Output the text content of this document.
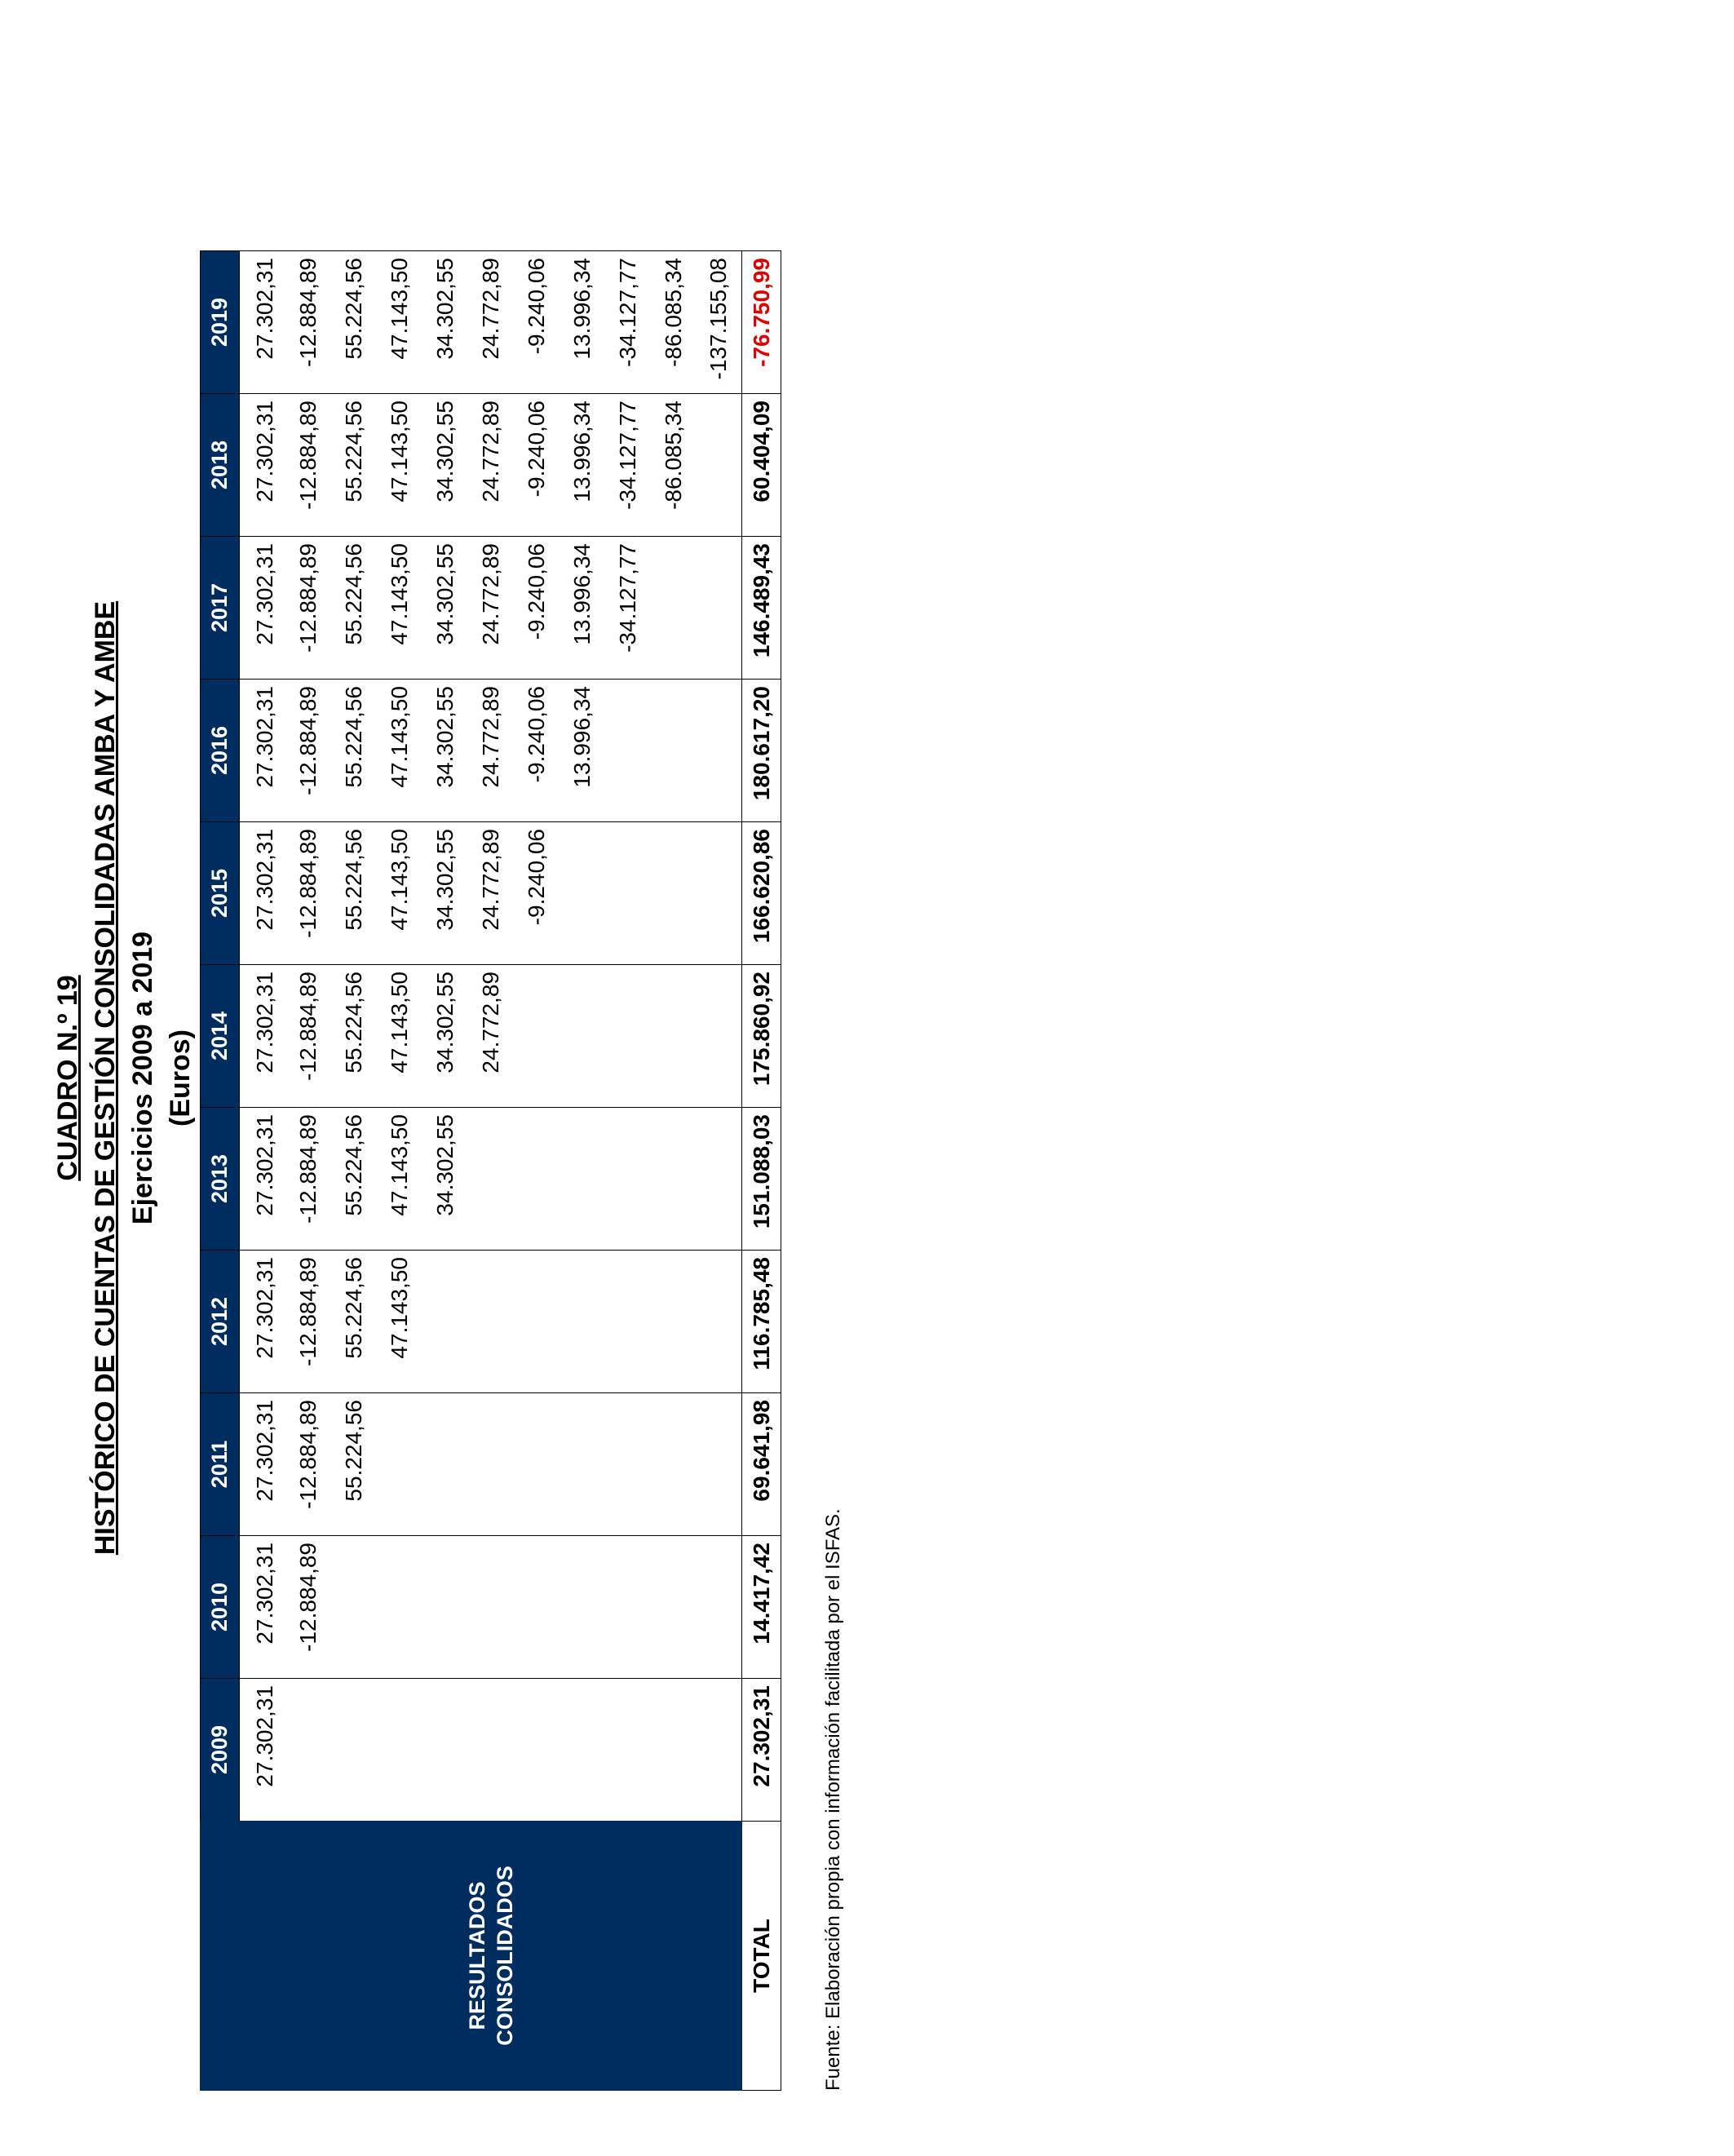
CUADRO N.º 19 HISTÓRICO DE CUENTAS DE GESTIÓN CONSOLIDADAS AMBA Y AMBE Ejercicios 2009 a 2019 (Euros)
	2009	2010	2011	2012	2013	2014	2015	2016	2017	2018	2019
RESULTADOS CONSOLIDADOS	27.302,31	27.302,31	27.302,31	27.302,31	27.302,31	27.302,31	27.302,31	27.302,31	27.302,31	27.302,31	27.302,31
		-12.884,89	-12.884,89	-12.884,89	-12.884,89	-12.884,89	-12.884,89	-12.884,89	-12.884,89	-12.884,89	-12.884,89
			55.224,56	55.224,56	55.224,56	55.224,56	55.224,56	55.224,56	55.224,56	55.224,56	55.224,56
				47.143,50	47.143,50	47.143,50	47.143,50	47.143,50	47.143,50	47.143,50	47.143,50
					34.302,55	34.302,55	34.302,55	34.302,55	34.302,55	34.302,55	34.302,55
						24.772,89	24.772,89	24.772,89	24.772,89	24.772,89	24.772,89
							-9.240,06	-9.240,06	-9.240,06	-9.240,06	-9.240,06
								13.996,34	13.996,34	13.996,34	13.996,34
									-34.127,77	-34.127,77	-34.127,77
										-86.085,34	-86.085,34
											-137.155,08
TOTAL	27.302,31	14.417,42	69.641,98	116.785,48	151.088,03	175.860,92	166.620,86	180.617,20	146.489,43	60.404,09	-76.750,99
Fuente: Elaboración propia con información facilitada por el ISFAS.
